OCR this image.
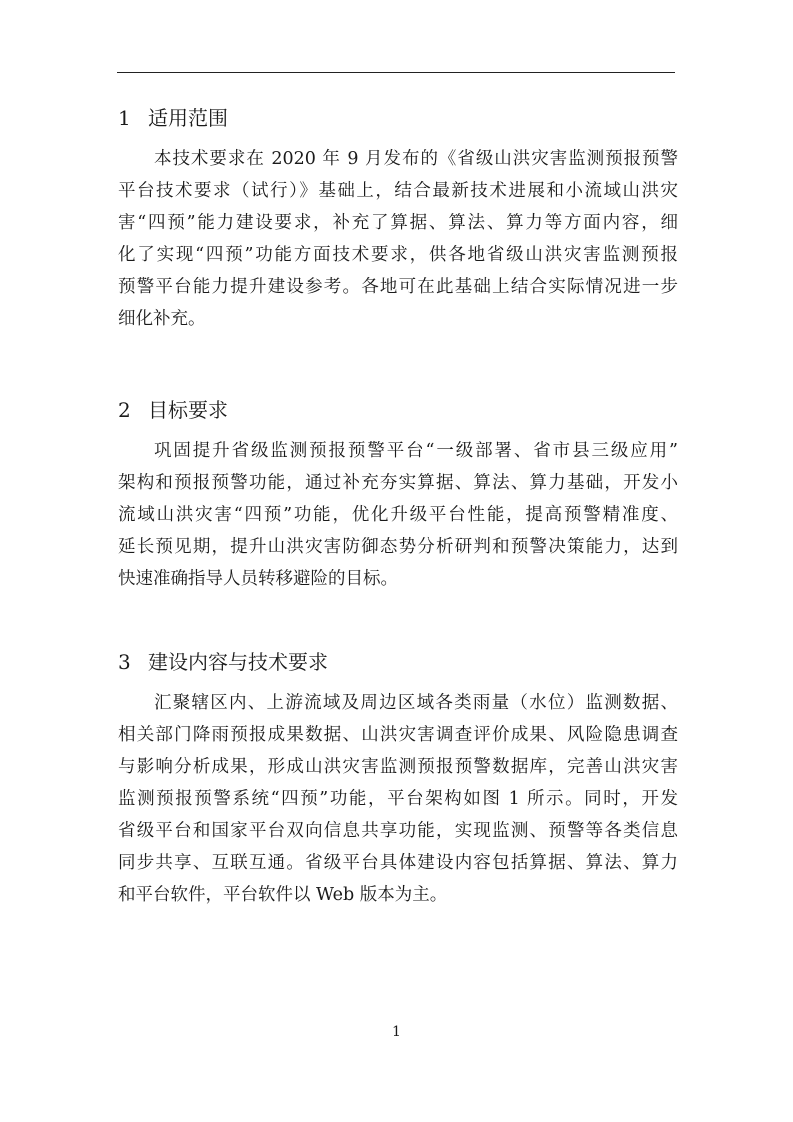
1 适用范围
本技术要求在 2020 年 9 月发布的《省级山洪灾害监测预报预警
平台技术要求（试行）》基础上，结合最新技术进展和小流域山洪灾
害“四预”能力建设要求，补充了算据、算法、算力等方面内容，细
化了实现“四预”功能方面技术要求，供各地省级山洪灾害监测预报
预警平台能力提升建设参考。各地可在此基础上结合实际情况进一步
细化补充。
2 目标要求
巩固提升省级监测预报预警平台“一级部署、省市县三级应用”
架构和预报预警功能，通过补充夯实算据、算法、算力基础，开发小
流域山洪灾害“四预”功能，优化升级平台性能，提高预警精准度、
延长预见期，提升山洪灾害防御态势分析研判和预警决策能力，达到
快速准确指导人员转移避险的目标。
3 建设内容与技术要求
汇聚辖区内、上游流域及周边区域各类雨量（水位）监测数据、
相关部门降雨预报成果数据、山洪灾害调查评价成果、风险隐患调查
与影响分析成果，形成山洪灾害监测预报预警数据库，完善山洪灾害
监测预报预警系统“四预”功能，平台架构如图 1 所示。同时，开发
省级平台和国家平台双向信息共享功能，实现监测、预警等各类信息
同步共享、互联互通。省级平台具体建设内容包括算据、算法、算力
和平台软件，平台软件以 Web 版本为主。
1
